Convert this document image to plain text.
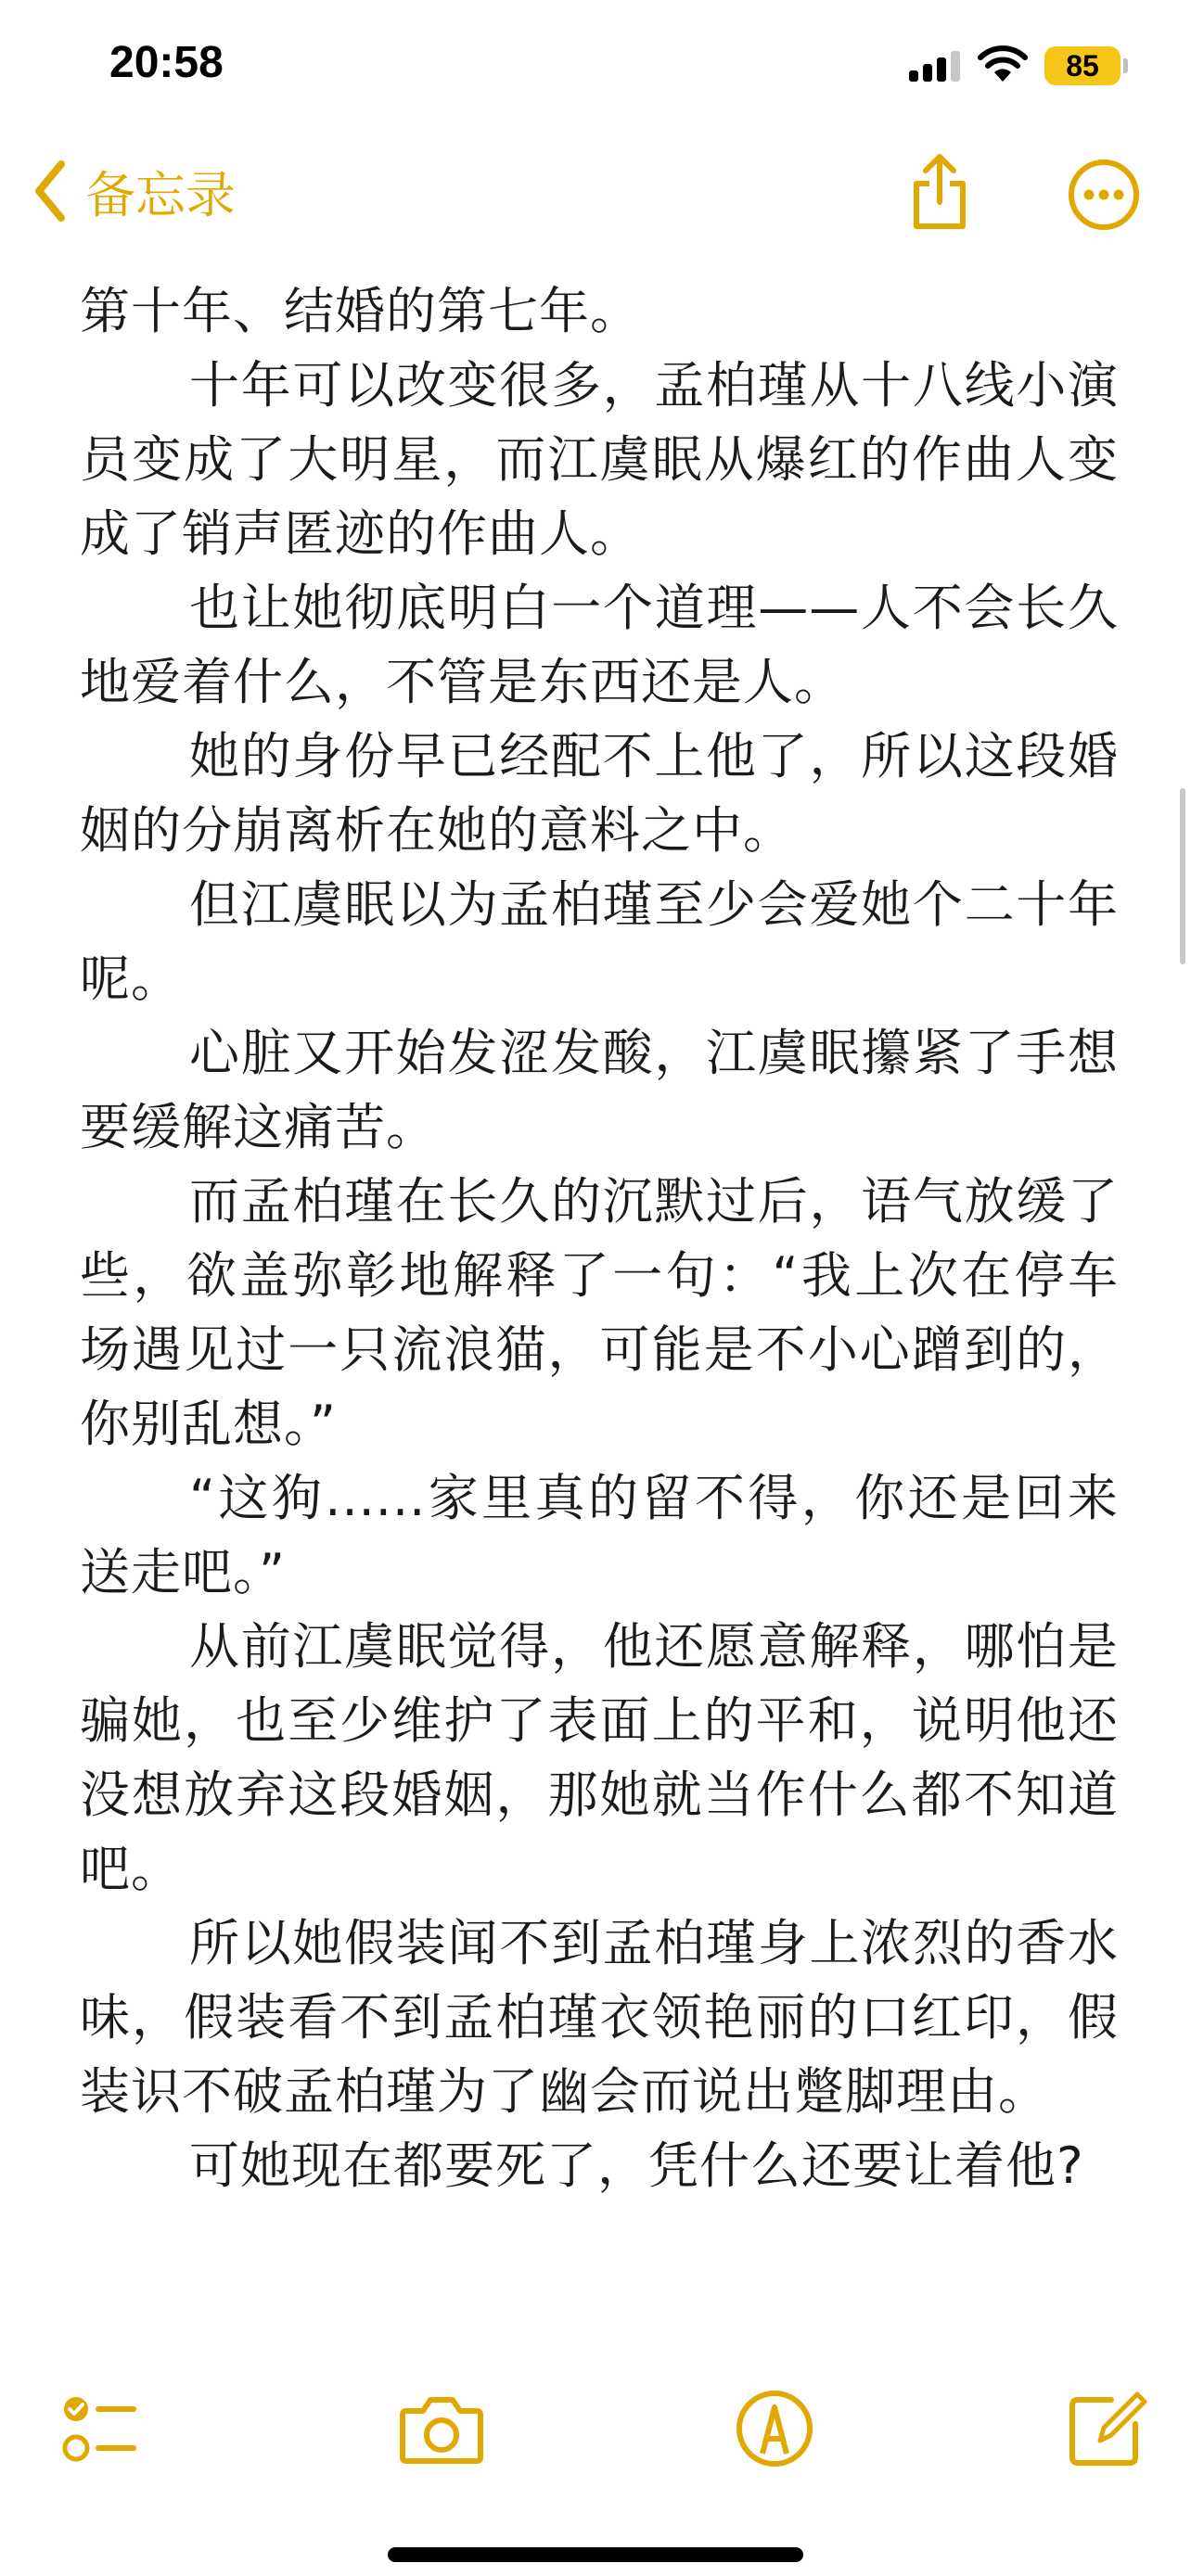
20:58	85
备忘录

第十年、结婚的第七年。

十年可以改变很多，孟柏瑾从十八线小演员变成了大明星，而江虞眠从爆红的作曲人变成了销声匿迹的作曲人。

也让她彻底明白一个道理——人不会长久地爱着什么，不管是东西还是人。

她的身份早已经配不上他了，所以这段婚姻的分崩离析在她的意料之中。

但江虞眠以为孟柏瑾至少会爱她个二十年呢。

心脏又开始发涩发酸，江虞眠攥紧了手想要缓解这痛苦。

而孟柏瑾在长久的沉默过后，语气放缓了些，欲盖弥彰地解释了一句：“我上次在停车场遇见过一只流浪猫，可能是不小心蹭到的，你别乱想。”

“这狗......家里真的留不得，你还是回来送走吧。”

从前江虞眠觉得，他还愿意解释，哪怕是骗她，也至少维护了表面上的平和，说明他还没想放弃这段婚姻，那她就当作什么都不知道吧。

所以她假装闻不到孟柏瑾身上浓烈的香水味，假装看不到孟柏瑾衣领艳丽的口红印，假装识不破孟柏瑾为了幽会而说出蹩脚理由。

可她现在都要死了，凭什么还要让着他?
